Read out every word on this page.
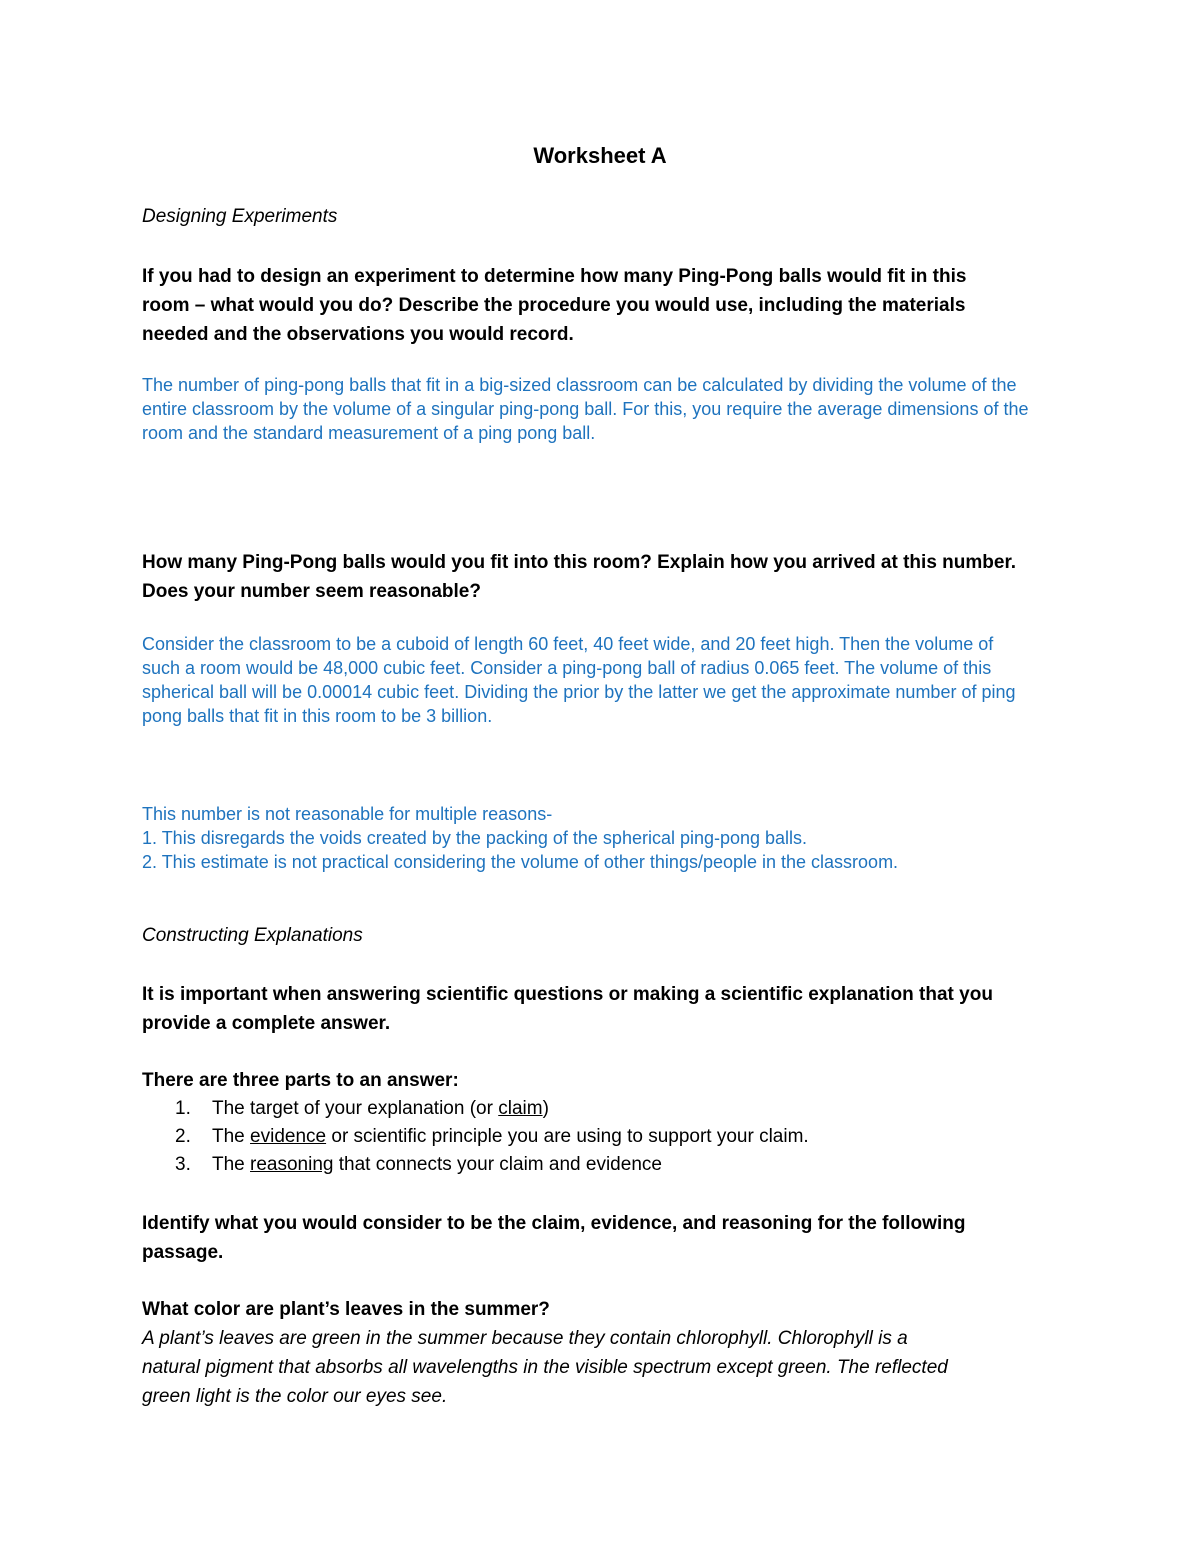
Worksheet A
Designing Experiments
If you had to design an experiment to determine how many Ping-Pong balls would fit in this
room – what would you do? Describe the procedure you would use, including the materials
needed and the observations you would record.
The number of ping-pong balls that fit in a big-sized classroom can be calculated by dividing the volume of the
entire classroom by the volume of a singular ping-pong ball. For this, you require the average dimensions of the
room and the standard measurement of a ping pong ball.
How many Ping-Pong balls would you fit into this room? Explain how you arrived at this number.
Does your number seem reasonable?
Consider the classroom to be a cuboid of length 60 feet, 40 feet wide, and 20 feet high. Then the volume of
such a room would be 48,000 cubic feet. Consider a ping-pong ball of radius 0.065 feet. The volume of this
spherical ball will be 0.00014 cubic feet. Dividing the prior by the latter we get the approximate number of ping
pong balls that fit in this room to be 3 billion.
This number is not reasonable for multiple reasons-
1. This disregards the voids created by the packing of the spherical ping-pong balls.
2. This estimate is not practical considering the volume of other things/people in the classroom.
Constructing Explanations
It is important when answering scientific questions or making a scientific explanation that you
provide a complete answer.
There are three parts to an answer:
1. The target of your explanation (or claim)
2. The evidence or scientific principle you are using to support your claim.
3. The reasoning that connects your claim and evidence
Identify what you would consider to be the claim, evidence, and reasoning for the following
passage.
What color are plant’s leaves in the summer?
A plant’s leaves are green in the summer because they contain chlorophyll. Chlorophyll is a
natural pigment that absorbs all wavelengths in the visible spectrum except green. The reflected
green light is the color our eyes see.
